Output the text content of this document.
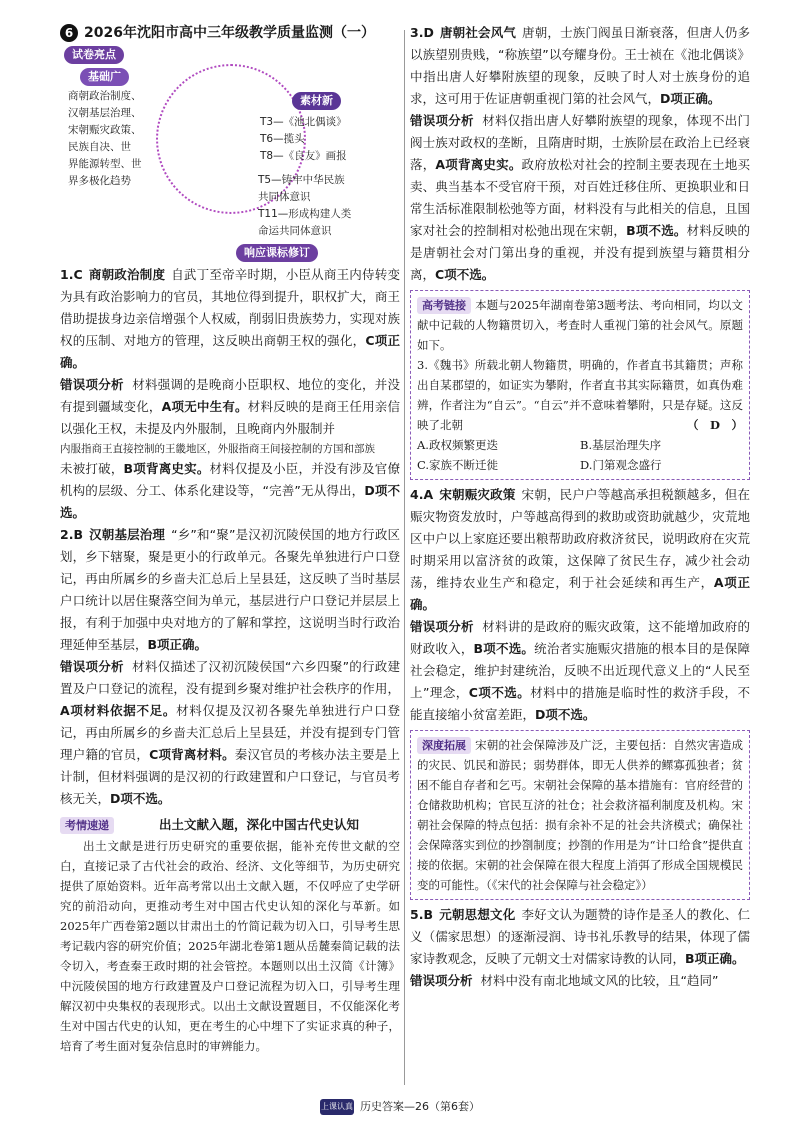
6 2026年沈阳市高中三年级教学质量监测（一）
试卷亮点
基础广
商朝政治制度、
汉朝基层治理、
宋朝赈灾政策、
民族自决、世
界能源转型、世
界多极化趋势
素材新
T3—《池北偶谈》
T6—揽头
T8—《良友》画报
T5—铸牢中华民族
共同体意识
T11—形成构建人类
命运共同体意识
响应课标修订

1.C 商朝政治制度 自武丁至帝辛时期，小臣从商王内侍转变为具有政治影响力的官员，其地位得到提升，职权扩大，商王借助提拔身边亲信增强个人权威，削弱旧贵族势力，实现对族权的压制、对地方的管理，这反映出商朝王权的强化，C项正确。

错误项分析 材料强调的是晚商小臣职权、地位的变化，并没有提到疆域变化，A项无中生有。材料反映的是商王任用亲信以强化王权，未提及内外服制，且晚商内外服制并

内服指商王直接控制的王畿地区，外服指商王间接控制的方国和部族

未被打破，B项背离史实。材料仅提及小臣，并没有涉及官僚机构的层级、分工、体系化建设等，“完善”无从得出，D项不选。

2.B 汉朝基层治理 “乡”和“聚”是汉初沉陵侯国的地方行政区划，乡下辖聚，聚是更小的行政单元。各聚先单独进行户口登记，再由所属乡的乡啬夫汇总后上呈县廷，这反映了当时基层户口统计以居住聚落空间为单元，基层进行户口登记并层层上报，有利于加强中央对地方的了解和掌控，这说明当时行政治理延伸至基层，B项正确。

错误项分析 材料仅描述了汉初沉陵侯国“六乡四聚”的行政建置及户口登记的流程，没有提到乡聚对维护社会秩序的作用，A项材料依据不足。材料仅提及汉初各聚先单独进行户口登记，再由所属乡的乡啬夫汇总后上呈县廷，并没有提到专门管理户籍的官员，C项背离材料。秦汉官员的考核办法主要是上计制，但材料强调的是汉初的行政建置和户口登记，与官员考核无关，D项不选。

考情速递	出土文献入题，深化中国古代史认知

出土文献是进行历史研究的重要依据，能补充传世文献的空白，直接记录了古代社会的政治、经济、文化等细节，为历史研究提供了原始资料。近年高考常以出土文献入题，不仅呼应了史学研究的前沿动向，更推动考生对中国古代史认知的深化与革新。如2025年广西卷第2题以甘肃出土的竹简记载为切入口，引导考生思考记载内容的研究价值；2025年湖北卷第1题从岳麓秦简记载的法令切入，考查秦王政时期的社会管控。本题则以出土汉简《计簿》中沅陵侯国的地方行政建置及户口登记流程为切入口，引导考生理解汉初中央集权的表现形式。以出土文献设置题目，不仅能深化考生对中国古代史的认知，更在考生的心中埋下了实证求真的种子，培育了考生面对复杂信息时的审辨能力。

3.D 唐朝社会风气 唐朝，士族门阀虽日渐衰落，但唐人仍多以族望别贵贱，“称族望”以夸耀身份。王士祯在《池北偶谈》中指出唐人好攀附族望的现象，反映了时人对士族身份的追求，这可用于佐证唐朝重视门第的社会风气，D项正确。

错误项分析 材料仅指出唐人好攀附族望的现象，体现不出门阀士族对政权的垄断，且隋唐时期，士族阶层在政治上已经衰落，A项背离史实。政府放松对社会的控制主要表现在土地买卖、典当基本不受官府干预，对百姓迁移住所、更换职业和日常生活标准限制松弛等方面，材料没有与此相关的信息，且国家对社会的控制相对松弛出现在宋朝，B项不选。材料反映的是唐朝社会对门第出身的重视，并没有提到族望与籍贯相分离，C项不选。

高考链接 本题与2025年湖南卷第3题考法、考向相同，均以文献中记载的人物籍贯切入，考查时人重视门第的社会风气。原题如下。

3.《魏书》所载北朝人物籍贯，明确的，作者直书其籍贯；声称出自某郡望的，如证实为攀附，作者直书其实际籍贯，如真伪难辨，作者注为“自云”。“自云”并不意味着攀附，只是存疑。这反映了北朝	（　D　）

A.政权频繁更迭	B.基层治理失序
C.家族不断迁徙	D.门第观念盛行

4.A 宋朝赈灾政策 宋朝，民户户等越高承担税额越多，但在赈灾物资发放时，户等越高得到的救助或资助就越少，灾荒地区中户以上家庭还要出粮帮助政府救济贫民，说明政府在灾荒时期采用以富济贫的政策，这保障了贫民生存，减少社会动荡，维持农业生产和稳定，利于社会延续和再生产，A项正确。

错误项分析 材料讲的是政府的赈灾政策，这不能增加政府的财政收入，B项不选。统治者实施赈灾措施的根本目的是保障社会稳定，维护封建统治，反映不出近现代意义上的“人民至上”理念，C项不选。材料中的措施是临时性的救济手段，不能直接缩小贫富差距，D项不选。

深度拓展 宋朝的社会保障涉及广泛，主要包括：自然灾害造成的灾民、饥民和游民；弱势群体，即无人供养的鳏寡孤独者；贫困不能自存者和乞丐。宋朝社会保障的基本措施有：官府经营的仓储救助机构；官民互济的社仓；社会救济福利制度及机构。宋朝社会保障的特点包括：损有余补不足的社会共济模式；确保社会保障落实到位的抄劄制度；抄劄的作用是为“计口给食”提供直接的依据。宋朝的社会保障在很大程度上消弭了形成全国规模民变的可能性。（《宋代的社会保障与社会稳定》）

5.B 元朝思想文化 李好文认为题赞的诗作是圣人的教化、仁义（儒家思想）的逐渐浸润、诗书礼乐教导的结果，体现了儒家诗教观念，反映了元朝文士对儒家诗教的认同，B项正确。

错误项分析 材料中没有南北地域文风的比较，且“趋同”

上课认真听历史答案—26（第6套）
